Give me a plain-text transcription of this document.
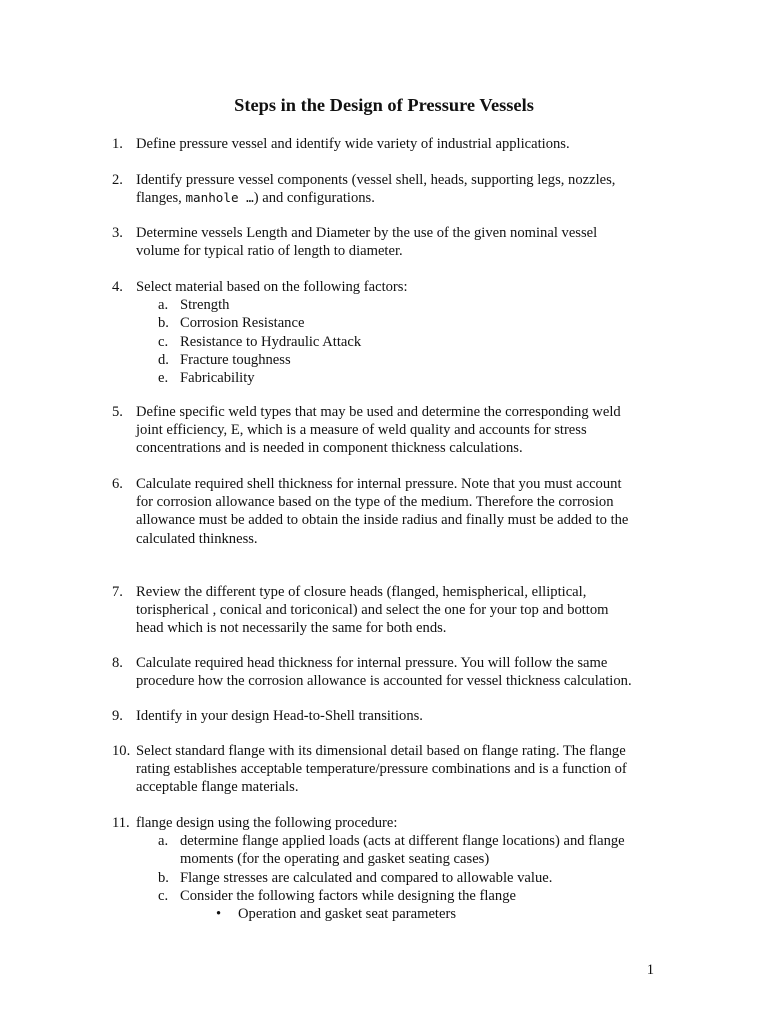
Steps in the Design of Pressure Vessels
1. Define pressure vessel and identify wide variety of industrial applications.
2. Identify pressure vessel components (vessel shell, heads, supporting legs, nozzles,
flanges, manhole …) and configurations.
3. Determine vessels Length and Diameter by the use of the given nominal vessel
volume for typical ratio of length to diameter.
4. Select material based on the following factors:
a. Strength
b. Corrosion Resistance
c. Resistance to Hydraulic Attack
d. Fracture toughness
e. Fabricability
5. Define specific weld types that may be used and determine the corresponding weld
joint efficiency, E, which is a measure of weld quality and accounts for stress
concentrations and is needed in component thickness calculations.
6. Calculate required shell thickness for internal pressure. Note that you must account
for corrosion allowance based on the type of the medium. Therefore the corrosion
allowance must be added to obtain the inside radius and finally must be added to the
calculated thinkness.
7. Review the different type of closure heads (flanged, hemispherical, elliptical,
torispherical , conical and toriconical) and select the one for your top and bottom
head which is not necessarily the same for both ends.
8. Calculate required head thickness for internal pressure. You will follow the same
procedure how the corrosion allowance is accounted for vessel thickness calculation.
9. Identify in your design Head-to-Shell transitions.
10. Select standard flange with its dimensional detail based on flange rating. The flange
rating establishes acceptable temperature/pressure combinations and is a function of
acceptable flange materials.
11. flange design using the following procedure:
a. determine flange applied loads (acts at different flange locations) and flange
moments (for the operating and gasket seating cases)
b. Flange stresses are calculated and compared to allowable value.
c. Consider the following factors while designing the flange
• Operation and gasket seat parameters
1
